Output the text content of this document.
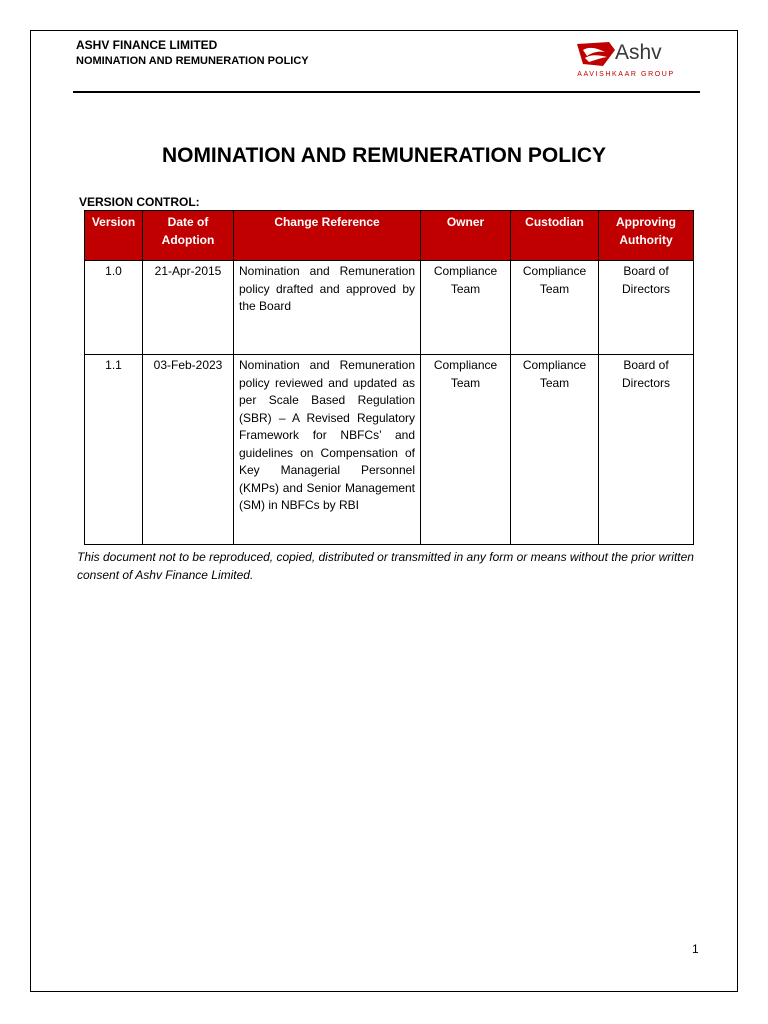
ASHV FINANCE LIMITED
NOMINATION AND REMUNERATION POLICY	Ashv
AAVISHKAAR GROUP
NOMINATION AND REMUNERATION POLICY
VERSION CONTROL:
Version	Date of Adoption	Change Reference	Owner	Custodian	Approving Authority
1.0	21-Apr-2015	Nomination and Remuneration policy drafted and approved by the Board	Compliance Team	Compliance Team	Board of Directors
1.1	03-Feb-2023	Nomination and Remuneration policy reviewed and updated as per Scale Based Regulation (SBR) – A Revised Regulatory Framework for NBFCs’ and guidelines on Compensation of Key Managerial Personnel (KMPs) and Senior Management (SM) in NBFCs by RBI	Compliance Team	Compliance Team	Board of Directors
This document not to be reproduced, copied, distributed or transmitted in any form or means without the prior written consent of Ashv Finance Limited.
1
